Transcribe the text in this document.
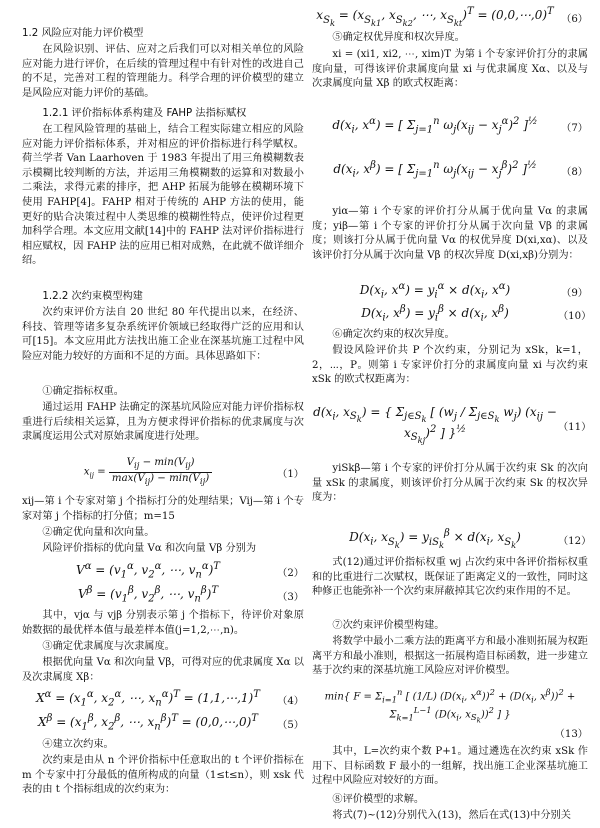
1.2 风险应对能力评价模型
在风险识别、评估、应对之后我们可以对相关单位的风险应对能力进行评价，在后续的管理过程中有针对性的改进自己的不足，完善对工程的管理能力。科学合理的评价模型的建立是风险应对能力评价的基础。
1.2.1 评价指标体系构建及 FAHP 法指标赋权
在工程风险管理的基础上，结合工程实际建立相应的风险应对能力评价指标体系，并对相应的评价指标进行科学赋权。荷兰学者 Van Laarhoven 于 1983 年提出了用三角模糊数表示模糊比较判断的方法，并运用三角模糊数的运算和对数最小二乘法，求得元素的排序，把 AHP 拓展为能够在模糊环境下使用 FAHP[4]。FAHP 相对于传统的 AHP 方法的使用，能更好的贴合决策过程中人类思维的模糊性特点，使评价过程更加科学合理。本文应用文献[14]中的 FAHP 法对评价指标进行相应赋权，因 FAHP 法的应用已相对成熟，在此就不做详细介绍。
1.2.2 次约束模型构建
次约束评价方法自 20 世纪 80 年代提出以来，在经济、科技、管理等诸多复杂系统评价领域已经取得广泛的应用和认可[15]。本文应用此方法找出施工企业在深基坑施工过程中风险应对能力较好的方面和不足的方面。具体思路如下：
①确定指标权重。
通过运用 FAHP 法确定的深基坑风险应对能力评价指标权重进行后续相关运算，且为方便求得评价指标的优隶属度与次隶属度运用公式对原始隶属度进行处理。
$x_{ij} = \frac{V_{ij} - \min(V_{ij})}{\max(V_{ij}) - \min(V_{ij})}$	（1）
xij—第 i 个专家对第 j 个指标打分的处理结果；Vij—第 i 个专家对第 j 个指标的打分值；m=15
②确定优向量和次向量。
风险评价指标的优向量 Vα 和次向量 Vβ 分别为
$V^\alpha = (v_1^\alpha$, $v_2^\alpha$, ⋯, $v_n^\alpha)^T$
（2）
$V^\beta = (v_1^\beta$, $v_2^\beta$, ⋯, $v_n^\beta)^T$
（3）
其中，vjα 与 vjβ 分别表示第 j 个指标下，待评价对象原始数据的最优样本值与最差样本值(j=1,2,⋯,n)。
③确定优隶属度与次隶属度。
根据优向量 Vα 和次向量 Vβ，可得对应的优隶属度 Xα 以及次隶属度 Xβ：
$X^\alpha = (x_1^\alpha$, $x_2^\alpha$, ⋯, $x_n^\alpha)^T$ = (1,1,⋯,1)$^T$
（4）
$X^\beta = (x_1^\beta$, $x_2^\beta$, ⋯, $x_n^\beta)^T$ = (0,0,⋯,0)$^T$
（5）
④建立次约束。
次约束是由从 n 个评价指标中任意取出的 t 个评价指标在 m 个专家中打分最低的值所构成的向量（1≤t≤n），则 xsk 代表的由 t 个指标组成的次约束为：
$x_{S_k} = (x_{S_{k1}}$, $x_{S_{k2}}$, ⋯, $x_{S_{kt}})^T$ = (0,0,⋯,0)$^T$
（6）
⑤确定权优异度和权次异度。
xi = (xi1, xi2, ⋯, xim)T 为第 i 个专家评价打分的隶属度向量，可得该评价隶属度向量 xi 与优隶属度 Xα、以及与次隶属度向量 Xβ 的欧式权距离：
$d(x_i$, $x^\alpha$) = [ $\Sigma_{j=1}^n$ $\omega_j(x_{ij} - x_j^\alpha)^2$ ]$^{\frac{1}{2}}$
（7）
$d(x_i$, $x^\beta$) = [ $\Sigma_{j=1}^n$ $\omega_j(x_{ij} - x_j^\beta)^2$ ]$^{\frac{1}{2}}$
（8）
yiα—第 i 个专家的评价打分从属于优向量 Vα 的隶属度；yiβ—第 i 个专家的评价打分从属于次向量 Vβ 的隶属度；则该打分从属于优向量 Vα 的权优异度 D(xi,xα)、以及该评价打分从属于次向量 Vβ 的权次异度 D(xi,xβ)分别为：
$D(x_i$, $x^\alpha) = y_i^\alpha \times d(x_i$, $x^\alpha$)	（9）
$D(x_i$, $x^\beta) = y_i^\beta \times d(x_i$, $x^\beta$)	（10）
⑥确定次约束的权次异度。
假设风险评价共 P 个次约束，分别记为 xSk，k=1，2，⋯，P。则第 i 专家评价打分的隶属度向量 xi 与次约束 xSk 的欧式权距离为：
$d(x_i$, $x_{S_k}$) = { $\Sigma_{j\in S_k}$ [ ($w_j / \Sigma_{j\in S_k}$ $w_j$) $(x_{ij} - x_{S_{kj}})^2$ ] }$^{\frac{1}{2}}$	（11）
yiSkβ—第 i 个专家的评价打分从属于次约束 Sk 的次向量 xSk 的隶属度，则该评价打分从属于次约束 Sk 的权次异度为：
$D(x_i$, $x_{S_k}) = y_{iS_k}^\beta \times d(x_i$, $x_{S_k}$)	（12）
式(12)通过评价指标权重 wj 占次约束中各评价指标权重和的比重进行二次赋权，既保证了距离定义的一致性，同时这种修正也能弥补一个次约束屏蔽掉其它次约束作用的不足。
⑦次约束评价模型构建。
将数学中最小二乘方法的距离平方和最小准则拓展为权距离平方和最小准则，根据这一拓展构造目标函数，进一步建立基于次约束的深基坑施工风险应对评价模型。
min{ $F = \Sigma_{i=1}^n$ [ (1/L) ($D(x_i$, $x^\alpha))^2 + (D(x_i$, $x^\beta))^2 + \Sigma_{k=1}^{L-1}$ ($D(x_i$, $x_{S_k}))^2$ ] }
（13）
其中，L=次约束个数 P+1。通过遴选在次约束 xSk 作用下、目标函数 F 最小的一组解，找出施工企业深基坑施工过程中风险应对较好的方面。
⑧评价模型的求解。
将式(7)~(12)分别代入(13)，然后在式(13)中分别关
